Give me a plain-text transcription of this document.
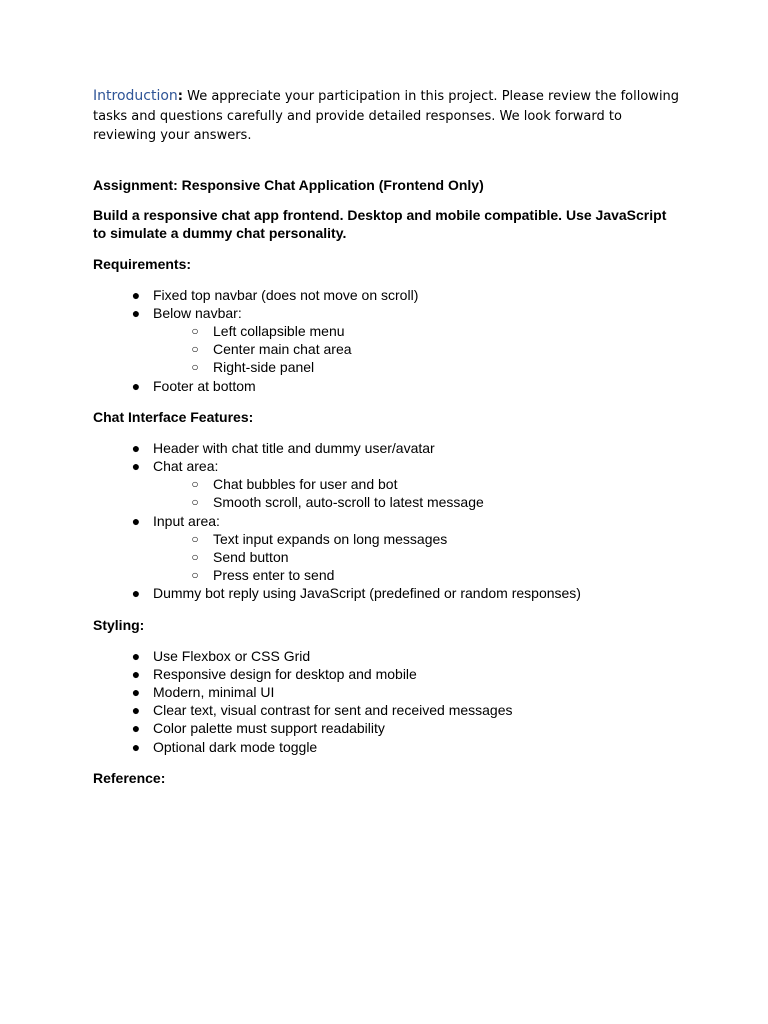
Introduction: We appreciate your participation in this project. Please review the following tasks and questions carefully and provide detailed responses. We look forward to reviewing your answers.

Assignment: Responsive Chat Application (Frontend Only)

Build a responsive chat app frontend. Desktop and mobile compatible. Use JavaScript to simulate a dummy chat personality.

Requirements:

● Fixed top navbar (does not move on scroll)
● Below navbar:
○ Left collapsible menu
○ Center main chat area
○ Right-side panel
● Footer at bottom

Chat Interface Features:

● Header with chat title and dummy user/avatar
● Chat area:
○ Chat bubbles for user and bot
○ Smooth scroll, auto-scroll to latest message
● Input area:
○ Text input expands on long messages
○ Send button
○ Press enter to send
● Dummy bot reply using JavaScript (predefined or random responses)

Styling:

● Use Flexbox or CSS Grid
● Responsive design for desktop and mobile
● Modern, minimal UI
● Clear text, visual contrast for sent and received messages
● Color palette must support readability
● Optional dark mode toggle

Reference:
